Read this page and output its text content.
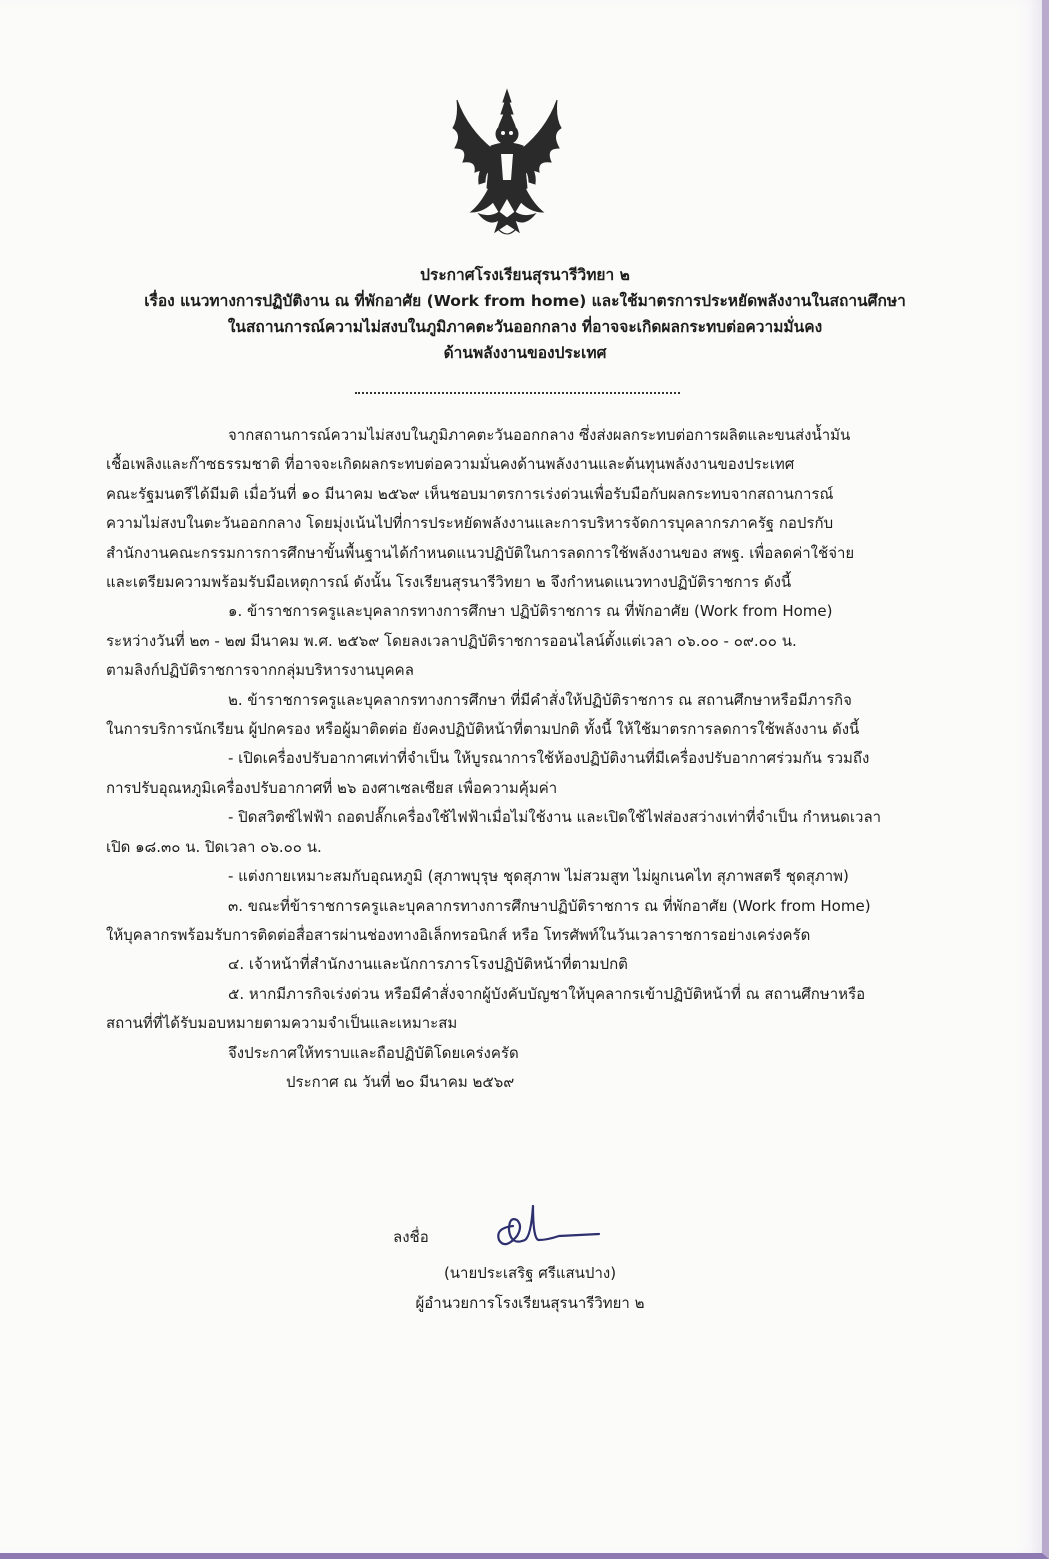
ประกาศโรงเรียนสุรนารีวิทยา ๒
เรื่อง แนวทางการปฏิบัติงาน ณ ที่พักอาศัย (Work from home) และใช้มาตรการประหยัดพลังงานในสถานศึกษา
ในสถานการณ์ความไม่สงบในภูมิภาคตะวันออกกลาง ที่อาจจะเกิดผลกระทบต่อความมั่นคง
ด้านพลังงานของประเทศ

จากสถานการณ์ความไม่สงบในภูมิภาคตะวันออกกลาง ซึ่งส่งผลกระทบต่อการผลิตและขนส่งน้ำมัน

เชื้อเพลิงและก๊าซธรรมชาติ ที่อาจจะเกิดผลกระทบต่อความมั่นคงด้านพลังงานและต้นทุนพลังงานของประเทศ

คณะรัฐมนตรีได้มีมติ เมื่อวันที่ ๑๐ มีนาคม ๒๕๖๙ เห็นชอบมาตรการเร่งด่วนเพื่อรับมือกับผลกระทบจากสถานการณ์

ความไม่สงบในตะวันออกกลาง โดยมุ่งเน้นไปที่การประหยัดพลังงานและการบริหารจัดการบุคลากรภาครัฐ กอปรกับ

สำนักงานคณะกรรมการการศึกษาขั้นพื้นฐานได้กำหนดแนวปฏิบัติในการลดการใช้พลังงานของ สพฐ. เพื่อลดค่าใช้จ่าย

และเตรียมความพร้อมรับมือเหตุการณ์ ดังนั้น โรงเรียนสุรนารีวิทยา ๒ จึงกำหนดแนวทางปฏิบัติราชการ ดังนี้

๑. ข้าราชการครูและบุคลากรทางการศึกษา ปฏิบัติราชการ ณ ที่พักอาศัย (Work from Home)

ระหว่างวันที่ ๒๓ - ๒๗ มีนาคม พ.ศ. ๒๕๖๙ โดยลงเวลาปฏิบัติราชการออนไลน์ตั้งแต่เวลา ๐๖.๐๐ - ๐๙.๐๐ น.

ตามลิงก์ปฏิบัติราชการจากกลุ่มบริหารงานบุคคล

๒. ข้าราชการครูและบุคลากรทางการศึกษา ที่มีคำสั่งให้ปฏิบัติราชการ ณ สถานศึกษาหรือมีภารกิจ

ในการบริการนักเรียน ผู้ปกครอง หรือผู้มาติดต่อ ยังคงปฏิบัติหน้าที่ตามปกติ ทั้งนี้ ให้ใช้มาตรการลดการใช้พลังงาน ดังนี้

- เปิดเครื่องปรับอากาศเท่าที่จำเป็น ให้บูรณาการใช้ห้องปฏิบัติงานที่มีเครื่องปรับอากาศร่วมกัน รวมถึง

การปรับอุณหภูมิเครื่องปรับอากาศที่ ๒๖ องศาเซลเซียส เพื่อความคุ้มค่า

- ปิดสวิตซ์ไฟฟ้า ถอดปลั๊กเครื่องใช้ไฟฟ้าเมื่อไม่ใช้งาน และเปิดใช้ไฟส่องสว่างเท่าที่จำเป็น กำหนดเวลา

เปิด ๑๘.๓๐ น. ปิดเวลา ๐๖.๐๐ น.

- แต่งกายเหมาะสมกับอุณหภูมิ (สุภาพบุรุษ ชุดสุภาพ ไม่สวมสูท ไม่ผูกเนคไท สุภาพสตรี ชุดสุภาพ)

๓. ขณะที่ข้าราชการครูและบุคลากรทางการศึกษาปฏิบัติราชการ ณ ที่พักอาศัย (Work from Home)

ให้บุคลากรพร้อมรับการติดต่อสื่อสารผ่านช่องทางอิเล็กทรอนิกส์ หรือ โทรศัพท์ในวันเวลาราชการอย่างเคร่งครัด

๔. เจ้าหน้าที่สำนักงานและนักการภารโรงปฏิบัติหน้าที่ตามปกติ

๕. หากมีภารกิจเร่งด่วน หรือมีคำสั่งจากผู้บังคับบัญชาให้บุคลากรเข้าปฏิบัติหน้าที่ ณ สถานศึกษาหรือ

สถานที่ที่ได้รับมอบหมายตามความจำเป็นและเหมาะสม

จึงประกาศให้ทราบและถือปฏิบัติโดยเคร่งครัด

ประกาศ ณ วันที่ ๒๐ มีนาคม ๒๕๖๙

ลงชื่อ
(นายประเสริฐ ศรีแสนปาง)
ผู้อำนวยการโรงเรียนสุรนารีวิทยา ๒
